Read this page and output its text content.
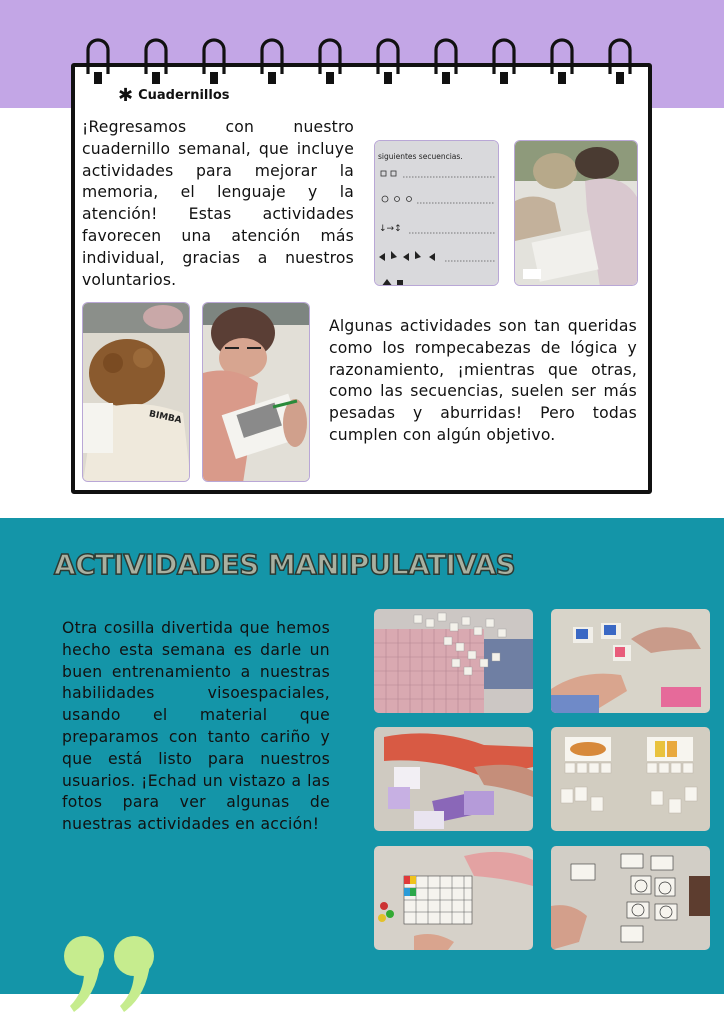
✱ Cuadernillos

¡Regresamos con nuestro cuadernillo semanal, que incluye actividades para mejorar la memoria, el lenguaje y la atención! Estas actividades favorecen una atención más individual, gracias a nuestros voluntarios.

siguientes secuencias.
↓→↕
BIMBA

Algunas actividades son tan queridas como los rompecabezas de lógica y razonamiento, ¡mientras que otras, como las secuencias, suelen ser más pesadas y aburridas! Pero todas cumplen con algún objetivo.

ACTIVIDADES MANIPULATIVAS

Otra cosilla divertida que hemos hecho esta semana es darle un buen entrenamiento a nuestras habilidades visoespaciales, usando el material que preparamos con tanto cariño y que está listo para nuestros usuarios. ¡Echad un vistazo a las fotos para ver algunas de nuestras actividades en acción!
